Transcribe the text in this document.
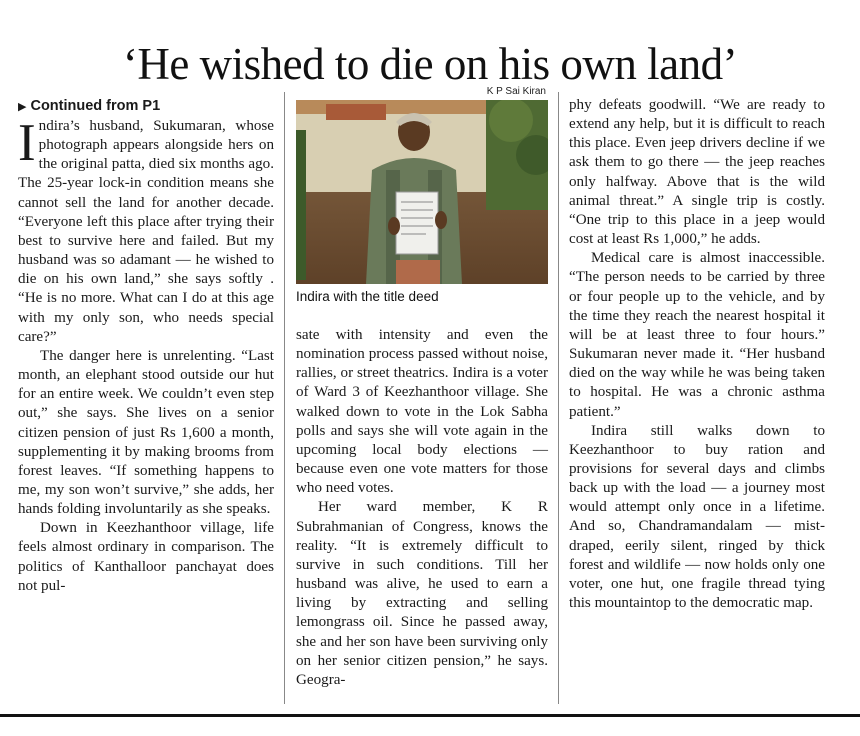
‘He wished to die on his own land’

▶ Continued from P1

Indira’s husband, Sukumaran, whose photograph appears alongside hers on the original patta, died six months ago. The 25-year lock-in condition means she cannot sell the land for another decade. “Everyone left this place after trying their best to survive here and failed. But my husband was so adamant — he wished to die on his own land,” she says softly . “He is no more. What can I do at this age with my only son, who needs special care?”

The danger here is unrelenting. “Last month, an elephant stood outside our hut for an entire week. We couldn’t even step out,” she says. She lives on a senior citizen pension of just Rs 1,600 a month, supplementing it by making brooms from forest leaves. “If something happens to me, my son won’t survive,” she adds, her hands folding involuntarily as she speaks.

Down in Keezhanthoor village, life feels almost ordinary in comparison. The politics of Kanthalloor panchayat does not pul-

K P Sai Kiran
Indira with the title deed

sate with intensity and even the nomination process passed without noise, rallies, or street theatrics. Indira is a voter of Ward 3 of Keezhanthoor village. She walked down to vote in the Lok Sabha polls and says she will vote again in the upcoming local body elections — because even one vote matters for those who need votes.

Her ward member, K R Subrahmanian of Congress, knows the reality. “It is extremely difficult to survive in such conditions. Till her husband was alive, he used to earn a living by extracting and selling lemongrass oil. Since he passed away, she and her son have been surviving only on her senior citizen pension,” he says. Geogra-

phy defeats goodwill. “We are ready to extend any help, but it is difficult to reach this place. Even jeep drivers decline if we ask them to go there — the jeep reaches only halfway. Above that is the wild animal threat.” A single trip is costly. “One trip to this place in a jeep would cost at least Rs 1,000,” he adds.

Medical care is almost inaccessible. “The person needs to be carried by three or four people up to the vehicle, and by the time they reach the nearest hospital it will be at least three to four hours.” Sukumaran never made it. “Her husband died on the way while he was being taken to hospital. He was a chronic asthma patient.”

Indira still walks down to Keezhanthoor to buy ration and provisions for several days and climbs back up with the load — a journey most would attempt only once in a lifetime. And so, Chandramandalam — mist-draped, eerily silent, ringed by thick forest and wildlife — now holds only one voter, one hut, one fragile thread tying this mountaintop to the democratic map.
